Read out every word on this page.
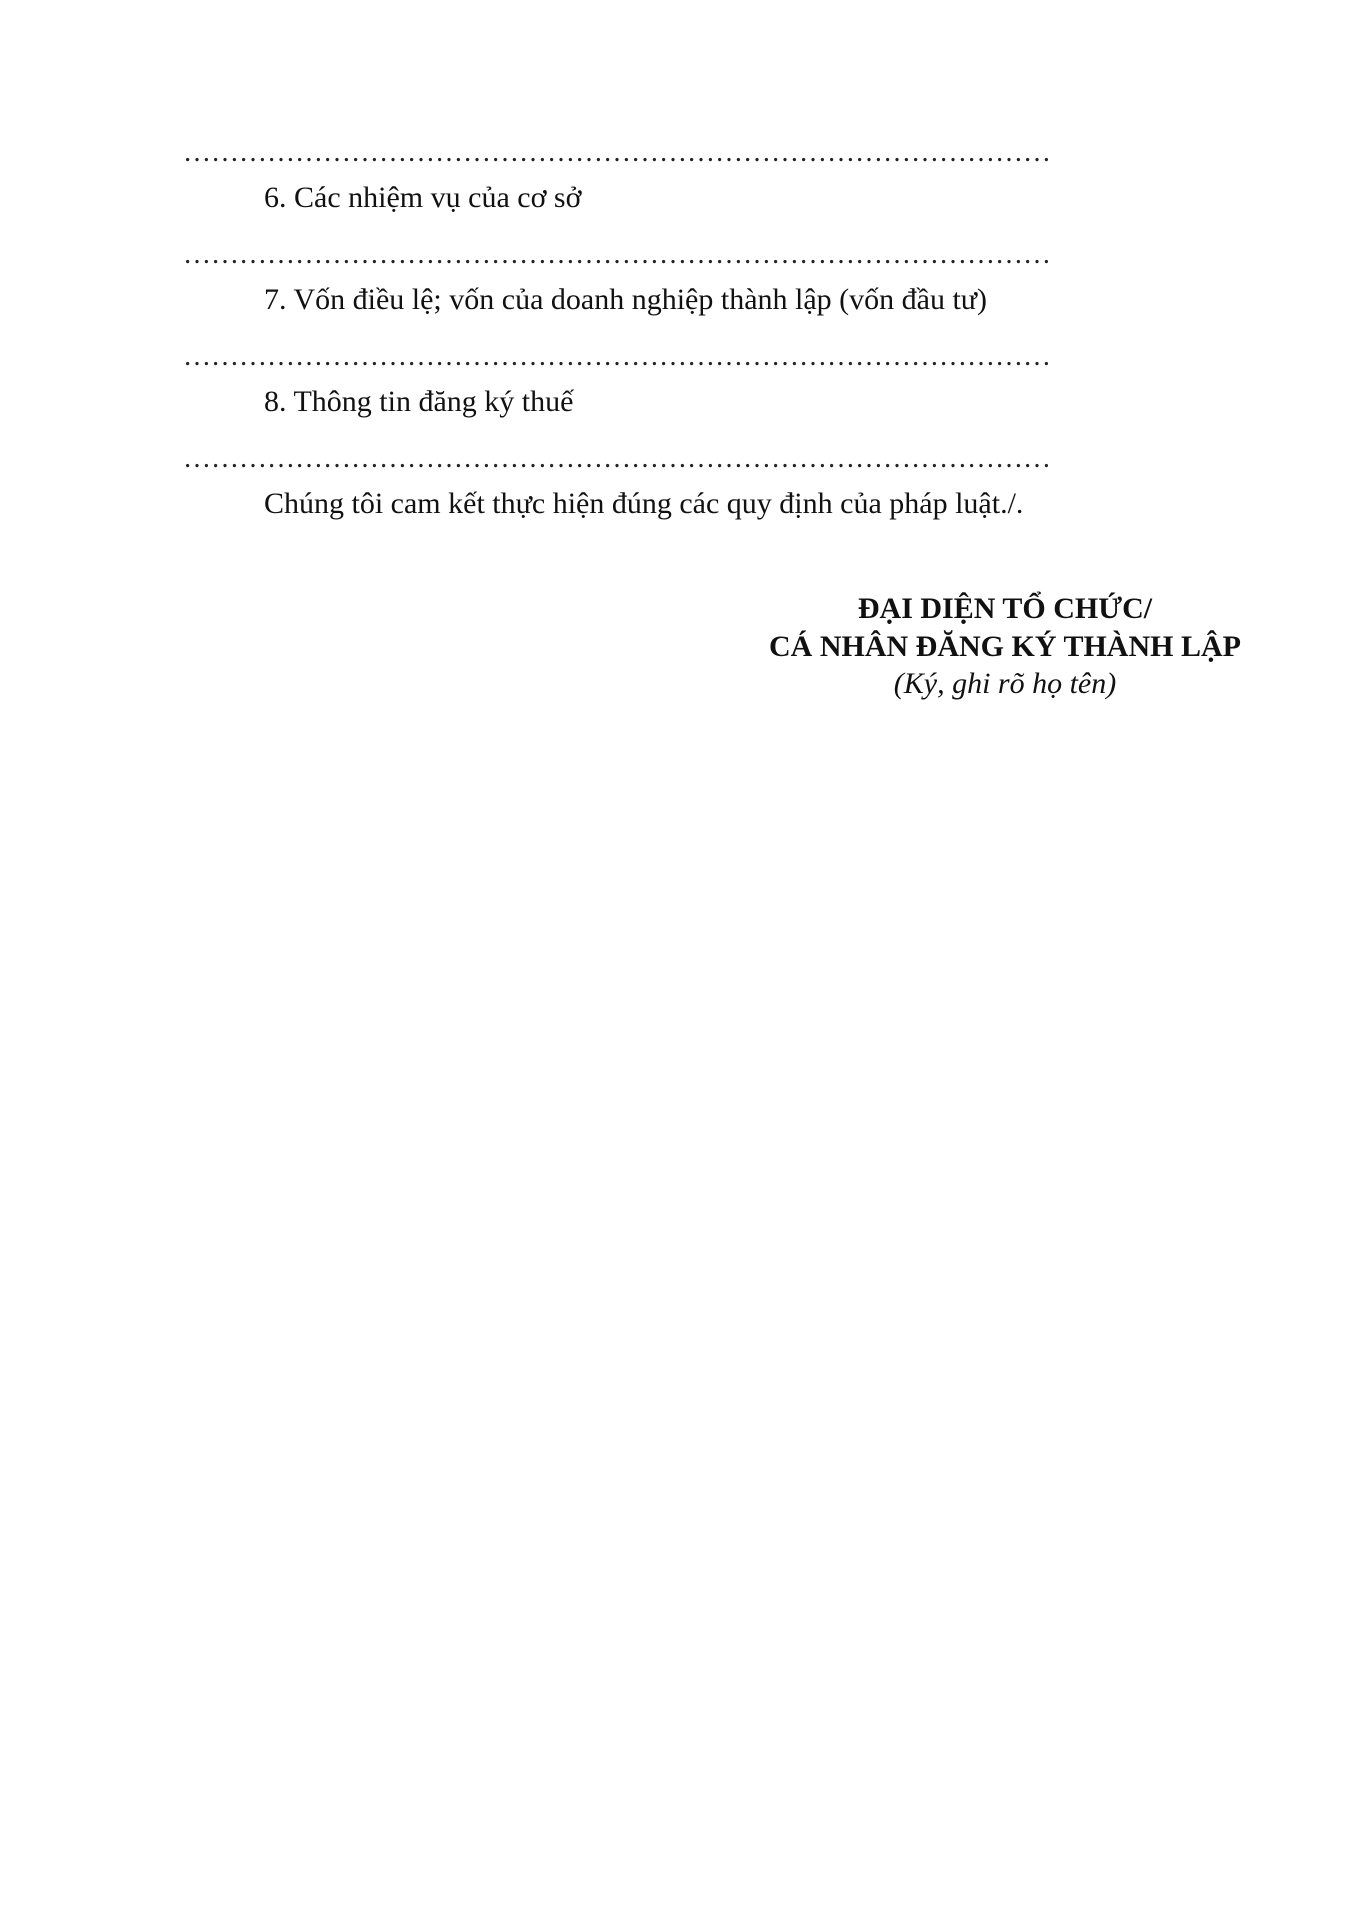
…………………………………………………………………………………
6. Các nhiệm vụ của cơ sở
…………………………………………………………………………………
7. Vốn điều lệ; vốn của doanh nghiệp thành lập (vốn đầu tư)
…………………………………………………………………………………
8. Thông tin đăng ký thuế
…………………………………………………………………………………
Chúng tôi cam kết thực hiện đúng các quy định của pháp luật./.
ĐẠI DIỆN TỔ CHỨC/
CÁ NHÂN ĐĂNG KÝ THÀNH LẬP
(Ký, ghi rõ họ tên)
